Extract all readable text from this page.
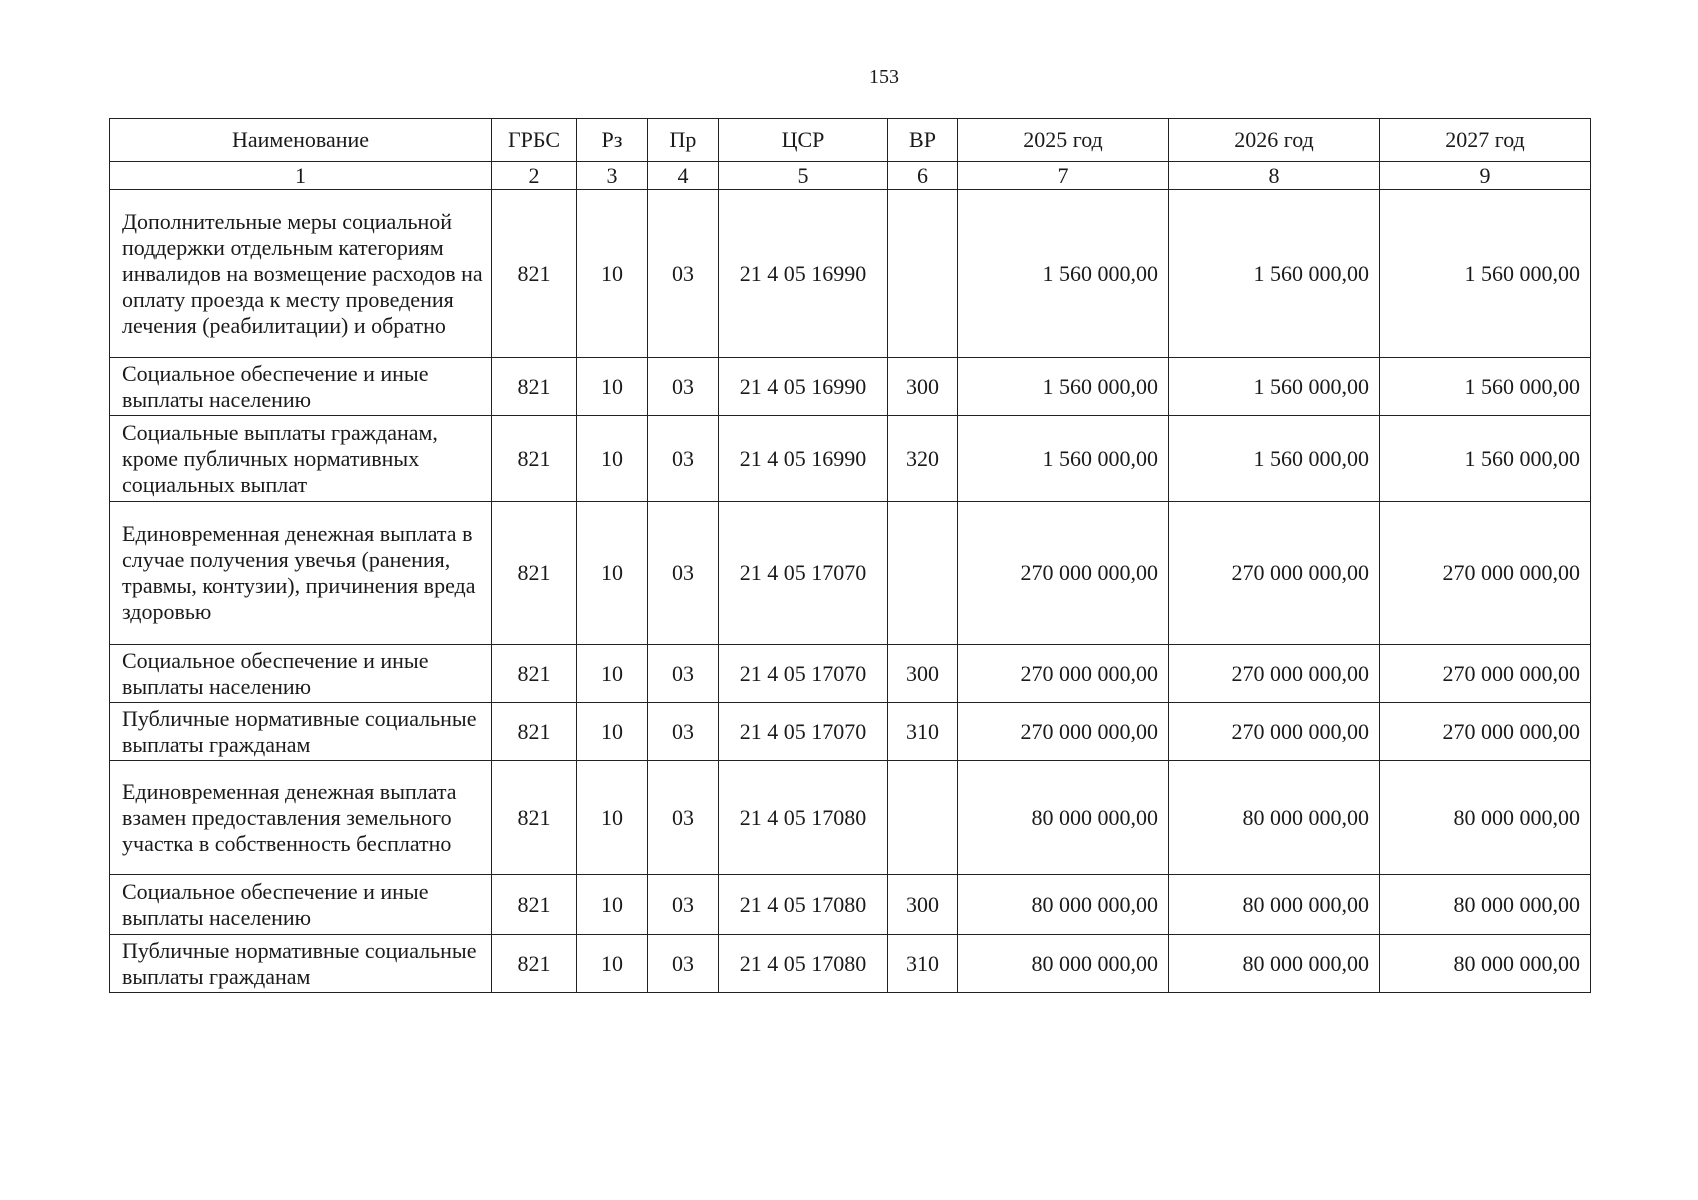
153
Наименование	ГРБС	Рз	Пр	ЦСР	ВР	2025 год	2026 год	2027 год
1	2	3	4	5	6	7	8	9
Дополнительные меры социальной поддержки отдельным категориям инвалидов на возмещение расходов на оплату проезда к месту проведения лечения (реабилитации) и обратно	821	10	03	21 4 05 16990		1 560 000,00	1 560 000,00	1 560 000,00
Социальное обеспечение и иные выплаты населению	821	10	03	21 4 05 16990	300	1 560 000,00	1 560 000,00	1 560 000,00
Социальные выплаты гражданам, кроме публичных нормативных социальных выплат	821	10	03	21 4 05 16990	320	1 560 000,00	1 560 000,00	1 560 000,00
Единовременная денежная выплата в случае получения увечья (ранения, травмы, контузии), причинения вреда здоровью	821	10	03	21 4 05 17070		270 000 000,00	270 000 000,00	270 000 000,00
Социальное обеспечение и иные выплаты населению	821	10	03	21 4 05 17070	300	270 000 000,00	270 000 000,00	270 000 000,00
Публичные нормативные социальные выплаты гражданам	821	10	03	21 4 05 17070	310	270 000 000,00	270 000 000,00	270 000 000,00
Единовременная денежная выплата взамен предоставления земельного участка в собственность бесплатно	821	10	03	21 4 05 17080		80 000 000,00	80 000 000,00	80 000 000,00
Социальное обеспечение и иные выплаты населению	821	10	03	21 4 05 17080	300	80 000 000,00	80 000 000,00	80 000 000,00
Публичные нормативные социальные выплаты гражданам	821	10	03	21 4 05 17080	310	80 000 000,00	80 000 000,00	80 000 000,00
